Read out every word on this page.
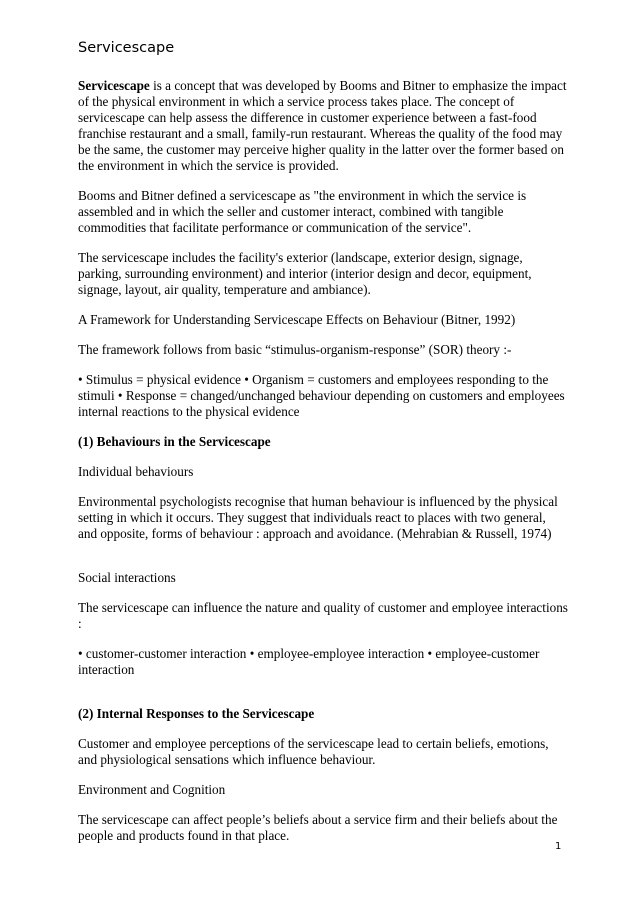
Servicescape

Servicescape is a concept that was developed by Booms and Bitner to emphasize the impact of the physical environment in which a service process takes place. The concept of servicescape can help assess the difference in customer experience between a fast-food franchise restaurant and a small, family-run restaurant. Whereas the quality of the food may be the same, the customer may perceive higher quality in the latter over the former based on the environment in which the service is provided.

Booms and Bitner defined a servicescape as "the environment in which the service is assembled and in which the seller and customer interact, combined with tangible commodities that facilitate performance or communication of the service".

The servicescape includes the facility's exterior (landscape, exterior design, signage, parking, surrounding environment) and interior (interior design and decor, equipment, signage, layout, air quality, temperature and ambiance).

A Framework for Understanding Servicescape Effects on Behaviour (Bitner, 1992)

The framework follows from basic “stimulus-organism-response” (SOR) theory :-

• Stimulus = physical evidence • Organism = customers and employees responding to the stimuli • Response = changed/unchanged behaviour depending on customers and employees internal reactions to the physical evidence

(1) Behaviours in the Servicescape

Individual behaviours

Environmental psychologists recognise that human behaviour is influenced by the physical setting in which it occurs. They suggest that individuals react to places with two general, and opposite, forms of behaviour : approach and avoidance. (Mehrabian & Russell, 1974)

Social interactions

The servicescape can influence the nature and quality of customer and employee interactions :

• customer-customer interaction • employee-employee interaction • employee-customer interaction

(2) Internal Responses to the Servicescape

Customer and employee perceptions of the servicescape lead to certain beliefs, emotions, and physiological sensations which influence behaviour.

Environment and Cognition

The servicescape can affect people’s beliefs about a service firm and their beliefs about the people and products found in that place.

1
